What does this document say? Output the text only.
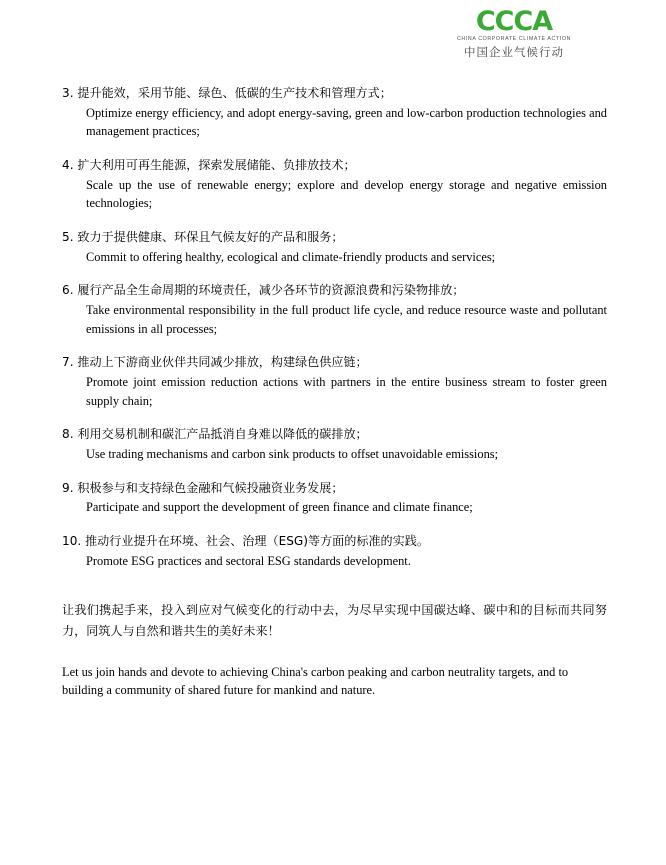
CCCA
CHINA CORPORATE CLIMATE ACTION
中国企业气候行动

3. 提升能效，采用节能、绿色、低碳的生产技术和管理方式；

Optimize energy efficiency, and adopt energy-saving, green and low-carbon production technologies and management practices;

4. 扩大利用可再生能源，探索发展储能、负排放技术；

Scale up the use of renewable energy; explore and develop energy storage and negative emission technologies;

5. 致力于提供健康、环保且气候友好的产品和服务；

Commit to offering healthy, ecological and climate-friendly products and services;

6. 履行产品全生命周期的环境责任，减少各环节的资源浪费和污染物排放；

Take environmental responsibility in the full product life cycle, and reduce resource waste and pollutant emissions in all processes;

7. 推动上下游商业伙伴共同减少排放，构建绿色供应链；

Promote joint emission reduction actions with partners in the entire business stream to foster green supply chain;

8. 利用交易机制和碳汇产品抵消自身难以降低的碳排放；

Use trading mechanisms and carbon sink products to offset unavoidable emissions;

9. 积极参与和支持绿色金融和气候投融资业务发展；

Participate and support the development of green finance and climate finance;

10. 推动行业提升在环境、社会、治理（ESG)等方面的标准的实践。

Promote ESG practices and sectoral ESG standards development.

让我们携起手来，投入到应对气候变化的行动中去，为尽早实现中国碳达峰、碳中和的目标而共同努力，同筑人与自然和谐共生的美好未来！

Let us join hands and devote to achieving China's carbon peaking and carbon neutrality targets, and to building a community of shared future for mankind and nature.
